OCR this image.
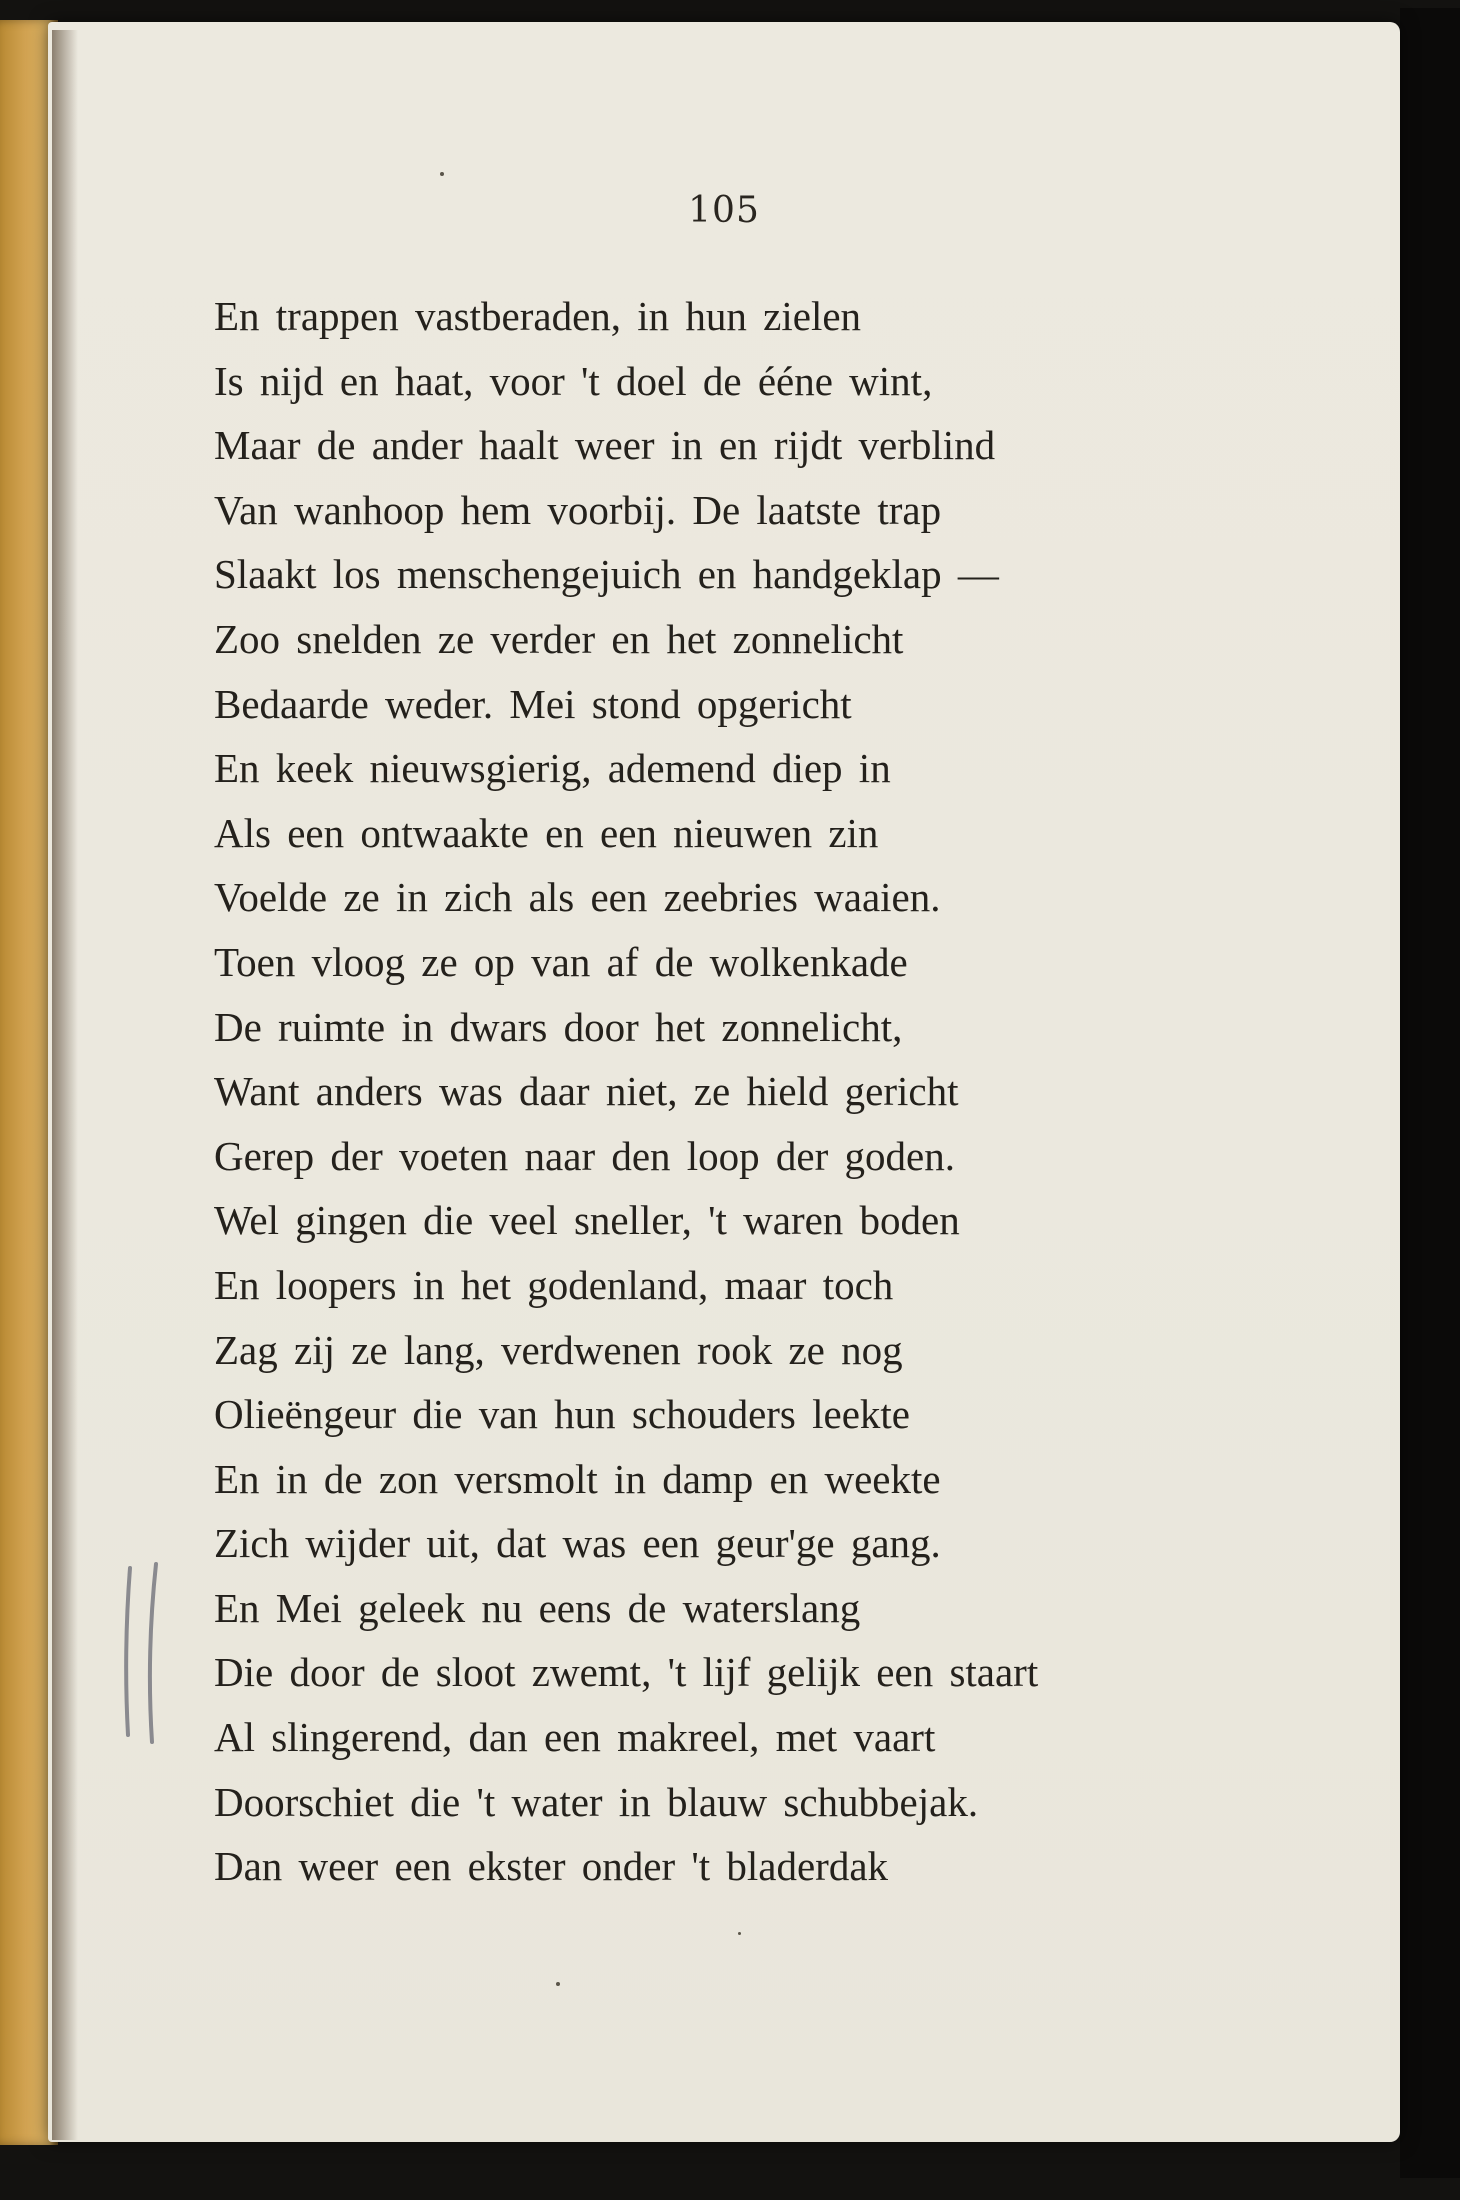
105
En trappen vastberaden, in hun zielen
Is nijd en haat, voor 't doel de ééne wint,
Maar de ander haalt weer in en rijdt verblind
Van wanhoop hem voorbij. De laatste trap
Slaakt los menschengejuich en handgeklap —
Zoo snelden ze verder en het zonnelicht
Bedaarde weder. Mei stond opgericht
En keek nieuwsgierig, ademend diep in
Als een ontwaakte en een nieuwen zin
Voelde ze in zich als een zeebries waaien.
Toen vloog ze op van af de wolkenkade
De ruimte in dwars door het zonnelicht,
Want anders was daar niet, ze hield gericht
Gerep der voeten naar den loop der goden.
Wel gingen die veel sneller, 't waren boden
En loopers in het godenland, maar toch
Zag zij ze lang, verdwenen rook ze nog
Olieëngeur die van hun schouders leekte
En in de zon versmolt in damp en weekte
Zich wijder uit, dat was een geur'ge gang.
En Mei geleek nu eens de waterslang
Die door de sloot zwemt, 't lijf gelijk een staart
Al slingerend, dan een makreel, met vaart
Doorschiet die 't water in blauw schubbejak.
Dan weer een ekster onder 't bladerdak
